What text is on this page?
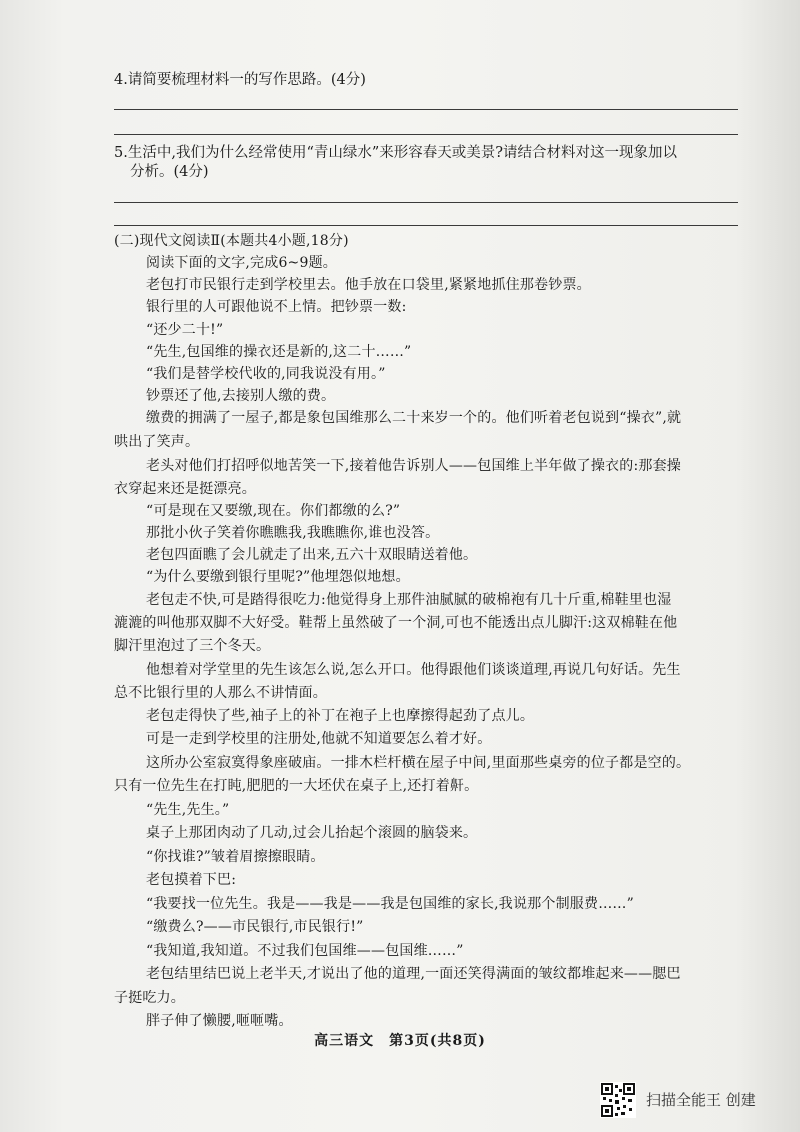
4.请简要梳理材料一的写作思路。(4分)
5.生活中,我们为什么经常使用“青山绿水”来形容春天或美景?请结合材料对这一现象加以
分析。(4分)
(二)现代文阅读Ⅱ(本题共4小题,18分)
阅读下面的文字,完成6~9题。
老包打市民银行走到学校里去。他手放在口袋里,紧紧地抓住那卷钞票。
银行里的人可跟他说不上情。把钞票一数:
“还少二十!”
“先生,包国维的操衣还是新的,这二十……”
“我们是替学校代收的,同我说没有用。”
钞票还了他,去接别人缴的费。
缴费的拥满了一屋子,都是象包国维那么二十来岁一个的。他们听着老包说到“操衣”,就
哄出了笑声。
老头对他们打招呼似地苦笑一下,接着他告诉别人——包国维上半年做了操衣的:那套操
衣穿起来还是挺漂亮。
“可是现在又要缴,现在。你们都缴的么?”
那批小伙子笑着你瞧瞧我,我瞧瞧你,谁也没答。
老包四面瞧了会儿就走了出来,五六十双眼睛送着他。
“为什么要缴到银行里呢?”他埋怨似地想。
老包走不快,可是踏得很吃力:他觉得身上那件油腻腻的破棉袍有几十斤重,棉鞋里也湿
漉漉的叫他那双脚不大好受。鞋帮上虽然破了一个洞,可也不能透出点儿脚汗:这双棉鞋在他
脚汗里泡过了三个冬天。
他想着对学堂里的先生该怎么说,怎么开口。他得跟他们谈谈道理,再说几句好话。先生
总不比银行里的人那么不讲情面。
老包走得快了些,袖子上的补丁在袍子上也摩擦得起劲了点儿。
可是一走到学校里的注册处,他就不知道要怎么着才好。
这所办公室寂寞得象座破庙。一排木栏杆横在屋子中间,里面那些桌旁的位子都是空的。
只有一位先生在打盹,肥肥的一大坯伏在桌子上,还打着鼾。
“先生,先生。”
桌子上那团肉动了几动,过会儿抬起个滚圆的脑袋来。
“你找谁?”皱着眉擦擦眼睛。
老包摸着下巴:
“我要找一位先生。我是——我是——我是包国维的家长,我说那个制服费……”
“缴费么?——市民银行,市民银行!”
“我知道,我知道。不过我们包国维——包国维……”
老包结里结巴说上老半天,才说出了他的道理,一面还笑得满面的皱纹都堆起来——腮巴
子挺吃力。
胖子伸了懒腰,咂咂嘴。
高三语文　第3页(共8页)
扫描全能王 创建
